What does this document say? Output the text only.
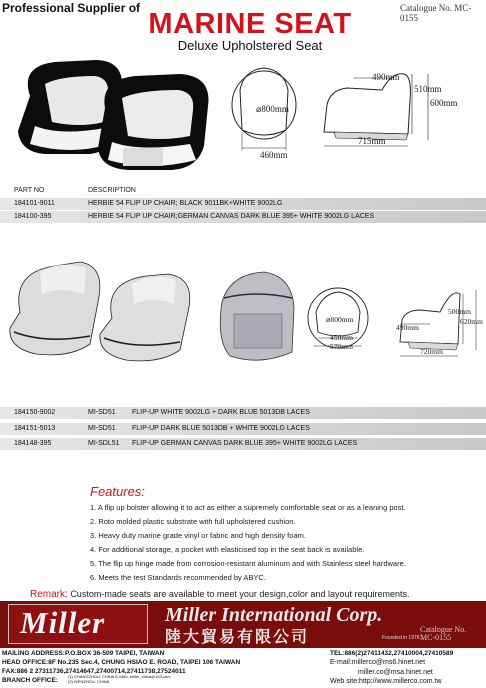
Professional Supplier of	Catalogue No. MC-0155
MARINE SEAT
Deluxe Upholstered Seat
⌀800mm
460mm
490mm
510mm
600mm
715mm
PART NO	DESCRIPTION
184101-9011	HERBIE 54 FLIP UP CHAIR; BLACK 9011BK+WHITE 9002LG
184100-395	HERBIE 54 FLIP UP CHAIR;GERMAN CANVAS DARK BLUE 395+ WHITE 9002LG LACES
⌀800mm
450mm
570mm
490mm
500mm
620mm
720mm
184150-9002	MI-SD51 FLIP-UP WHITE 9002LG + DARK BLUE 5013DB LACES
184151-5013	MI-SD51 FLIP-UP DARK BLUE 5013DB + WHITE 9002LG LACES
184148-395	MI-SDL51 FLIP-UP GERMAN CANVAS DARK BLUE 395+ WHITE 9002LG LACES
Features:
1. A flip up bolster allowing it to act as either a supremely comfortable seat or as a leaning post.
2. Roto molded plastic substrate with full upholstered cushion.
3. Heavy duty marine grade vinyl or fabric and high density foam.
4. For additional storage, a pocket with elasticised top in the seat back is available.
5. The flip up hinge made from corrosion-resistant aluminum and with Stainless steel hardware.
6. Meets the test Standards recommended by ABYC.
Remark: Custom-made seats are available to meet your design,color and layout requirements.
Miller	Miller International Corp.
陸大貿易有限公司	Founded in 1978
Catalogue No.
MC-0155
MAILING ADDRESS:P.O.BOX 36-509 TAIPEI, TAIWAN
HEAD OFFICE:8F No.235 Sec.4, CHUNG HSIAO E. ROAD, TAIPEI 106 TAIWAN
FAX:886 2 27311736,27414647,27400714,27411738,27524011
BRANCH OFFICE:
(1) CHANGZHOU, CHINA E-MAIL:miller_china@163.com
(2) WENZHOU, CHINA
TEL:886(2)27411432,27410004,27410589
E-mail:millerco@ms6.hinet.net
miller.co@msa.hinet.net
Web site:http://www.millerco.com.tw
